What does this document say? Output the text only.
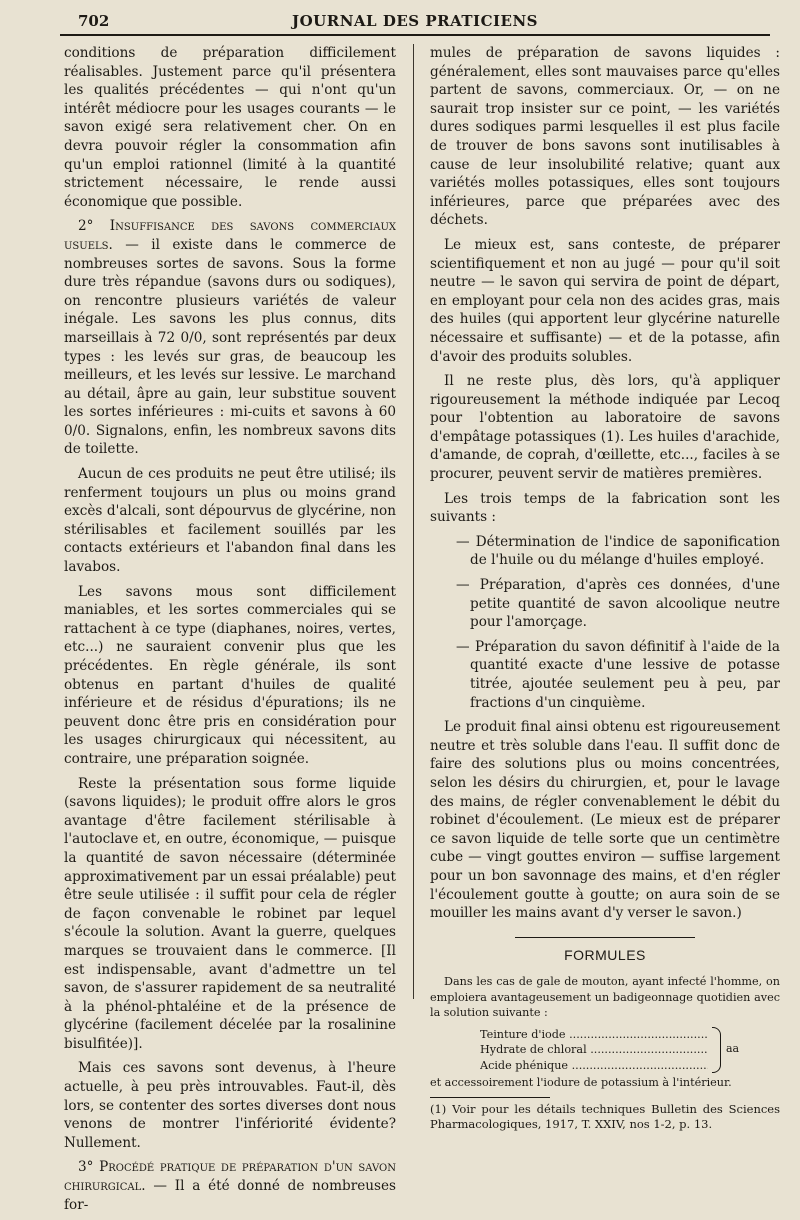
702	JOURNAL DES PRATICIENS

conditions de préparation difficilement réalisables. Justement parce qu'il présentera les qualités précédentes — qui n'ont qu'un intérêt médiocre pour les usages courants — le savon exigé sera relativement cher. On en devra pouvoir régler la consommation afin qu'un emploi rationnel (limité à la quantité strictement nécessaire, le rende aussi économique que possible.

2° Insuffisance des savons commerciaux usuels. — il existe dans le commerce de nombreuses sortes de savons. Sous la forme dure très répandue (savons durs ou sodiques), on rencontre plusieurs variétés de valeur inégale. Les savons les plus connus, dits marseillais à 72 0/0, sont représentés par deux types : les levés sur gras, de beaucoup les meilleurs, et les levés sur lessive. Le marchand au détail, âpre au gain, leur substitue souvent les sortes inférieures : mi-cuits et savons à 60 0/0. Signalons, enfin, les nombreux savons dits de toilette.

Aucun de ces produits ne peut être utilisé; ils renferment toujours un plus ou moins grand excès d'alcali, sont dépourvus de glycérine, non stérilisables et facilement souillés par les contacts extérieurs et l'abandon final dans les lavabos.

Les savons mous sont difficilement maniables, et les sortes commerciales qui se rattachent à ce type (diaphanes, noires, vertes, etc...) ne sauraient convenir plus que les précédentes. En règle générale, ils sont obtenus en partant d'huiles de qualité inférieure et de résidus d'épurations; ils ne peuvent donc être pris en considération pour les usages chirurgicaux qui nécessitent, au contraire, une préparation soignée.

Reste la présentation sous forme liquide (savons liquides); le produit offre alors le gros avantage d'être facilement stérilisable à l'autoclave et, en outre, économique, — puisque la quantité de savon nécessaire (déterminée approximativement par un essai préalable) peut être seule utilisée : il suffit pour cela de régler de façon convenable le robinet par lequel s'écoule la solution. Avant la guerre, quelques marques se trouvaient dans le commerce. [Il est indispensable, avant d'admettre un tel savon, de s'assurer rapidement de sa neutralité à la phénol-phtaléine et de la présence de glycérine (facilement décelée par la rosalinine bisulfitée)].

Mais ces savons sont devenus, à l'heure actuelle, à peu près introuvables. Faut-il, dès lors, se contenter des sortes diverses dont nous venons de montrer l'infériorité évidente? Nullement.

3° Procédé pratique de préparation d'un savon chirurgical. — Il a été donné de nombreuses for-

mules de préparation de savons liquides : généralement, elles sont mauvaises parce qu'elles partent de savons, commerciaux. Or, — on ne saurait trop insister sur ce point, — les variétés dures sodiques parmi lesquelles il est plus facile de trouver de bons savons sont inutilisables à cause de leur insolubilité relative; quant aux variétés molles potassiques, elles sont toujours inférieures, parce que préparées avec des déchets.

Le mieux est, sans conteste, de préparer scientifiquement et non au jugé — pour qu'il soit neutre — le savon qui servira de point de départ, en employant pour cela non des acides gras, mais des huiles (qui apportent leur glycérine naturelle nécessaire et suffisante) — et de la potasse, afin d'avoir des produits solubles.

Il ne reste plus, dès lors, qu'à appliquer rigoureusement la méthode indiquée par Lecoq pour l'obtention au laboratoire de savons d'empâtage potassiques (1). Les huiles d'arachide, d'amande, de coprah, d'œillette, etc..., faciles à se procurer, peuvent servir de matières premières.

Les trois temps de la fabrication sont les suivants :

— Détermination de l'indice de saponification de l'huile ou du mélange d'huiles employé.

— Préparation, d'après ces données, d'une petite quantité de savon alcoolique neutre pour l'amorçage.

— Préparation du savon définitif à l'aide de la quantité exacte d'une lessive de potasse titrée, ajoutée seulement peu à peu, par fractions d'un cinquième.

Le produit final ainsi obtenu est rigoureusement neutre et très soluble dans l'eau. Il suffit donc de faire des solutions plus ou moins concentrées, selon les désirs du chirurgien, et, pour le lavage des mains, de régler convenablement le débit du robinet d'écoulement. (Le mieux est de préparer ce savon liquide de telle sorte que un centimètre cube — vingt gouttes environ — suffise largement pour un bon savonnage des mains, et d'en régler l'écoulement goutte à goutte; on aura soin de se mouiller les mains avant d'y verser le savon.)

FORMULES

Dans les cas de gale de mouton, ayant infecté l'homme, on emploiera avantageusement un badigeonnage quotidien avec la solution suivante :

Teinture d'iode .....
Hydrate de chloral .....
Acide phénique .....
aa

et accessoirement l'iodure de potassium à l'intérieur.

(1) Voir pour les détails techniques Bulletin des Sciences Pharmacologiques, 1917, T. XXIV, nos 1-2, p. 13.
